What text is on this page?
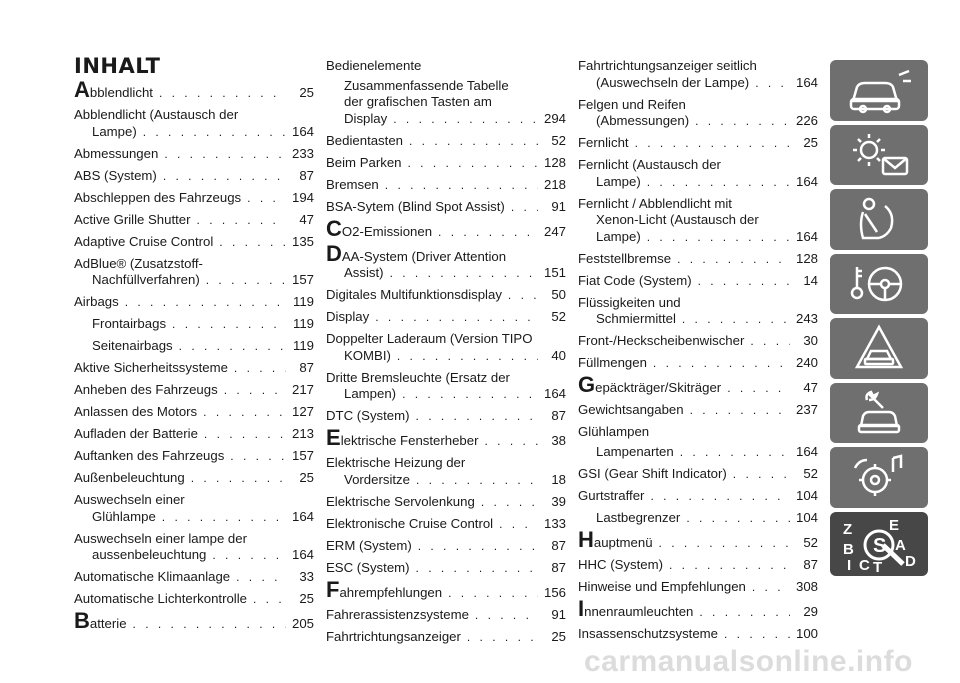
INHALT
Abblendlicht . . .	25
Abblendlicht (Austausch der
Lampe) . . .	164
Abmessungen . . .	233
ABS (System) . . .	87
Abschleppen des Fahrzeugs . . .	194
Active Grille Shutter . . .	47
Adaptive Cruise Control . . .	135
AdBlue® (Zusatzstoff-
Nachfüllverfahren) . . .	157
Airbags . . .	119
Frontairbags . . .	119
Seitenairbags . . .	119
Aktive Sicherheitssysteme . . .	87
Anheben des Fahrzeugs . . .	217
Anlassen des Motors . . .	127
Aufladen der Batterie . . .	213
Auftanken des Fahrzeugs . . .	157
Außenbeleuchtung . . .	25
Auswechseln einer
Glühlampe . . .	164
Auswechseln einer lampe der
aussenbeleuchtung . . .	164
Automatische Klimaanlage . . .	33
Automatische Lichterkontrolle . . .	25
Batterie . . .	205
Bedienelemente
Zusammenfassende Tabelle
der grafischen Tasten am
Display . . .	294
Bedientasten . . .	52
Beim Parken . . .	128
Bremsen . . .	218
BSA-Sytem (Blind Spot Assist) . . .	91
CO2-Emissionen . . .	247
DAA-System (Driver Attention
Assist) . . .	151
Digitales Multifunktionsdisplay . . .	50
Display . . .	52
Doppelter Laderaum (Version TIPO
KOMBI) . . .	40
Dritte Bremsleuchte (Ersatz der
Lampen) . . .	164
DTC (System) . . .	87
Elektrische Fensterheber . . .	38
Elektrische Heizung der
Vordersitze . . .	18
Elektrische Servolenkung . . .	39
Elektronische Cruise Control . . .	133
ERM (System) . . .	87
ESC (System) . . .	87
Fahrempfehlungen . . .	156
Fahrerassistenzsysteme . . .	91
Fahrtrichtungsanzeiger . . .	25
Fahrtrichtungsanzeiger seitlich
(Auswechseln der Lampe) . . .	164
Felgen und Reifen
(Abmessungen) . . .	226
Fernlicht . . .	25
Fernlicht (Austausch der
Lampe) . . .	164
Fernlicht / Abblendlicht mit
Xenon-Licht (Austausch der
Lampe) . . .	164
Feststellbremse . . .	128
Fiat Code (System) . . .	14
Flüssigkeiten und
Schmiermittel . . .	243
Front-/Heckscheibenwischer . . .	30
Füllmengen . . .	240
Gepäckträger/Skiträger . . .	47
Gewichtsangaben . . .	237
Glühlampen
Lampenarten . . .	164
GSI (Gear Shift Indicator) . . .	52
Gurtstraffer . . .	104
Lastbegrenzer . . .	104
Hauptmenü . . .	52
HHC (System) . . .	87
Hinweise und Empfehlungen . . .	308
Innenraumleuchten . . .	29
Insassenschutzsysteme . . .	100
S
Z E
B	A
I C T D
carmanualsonline.info
